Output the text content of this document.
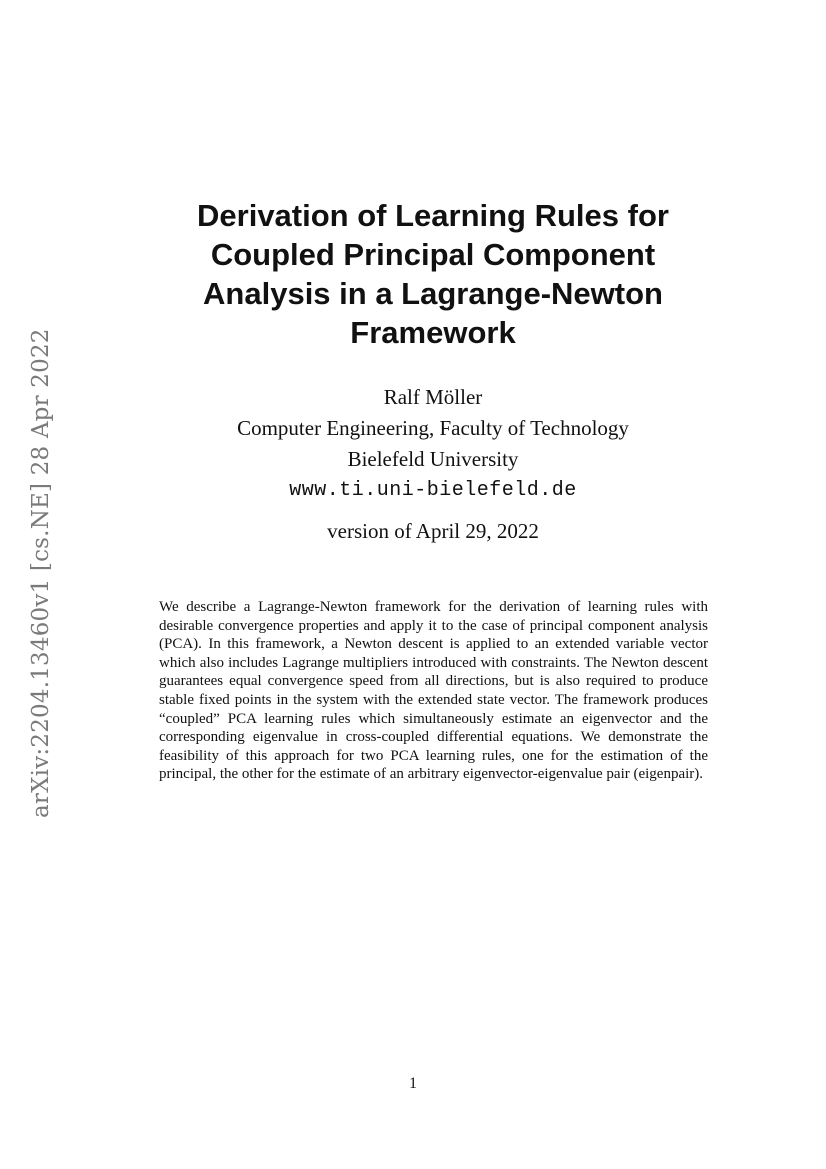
arXiv:2204.13460v1 [cs.NE] 28 Apr 2022
Derivation of Learning Rules for
Coupled Principal Component
Analysis in a Lagrange-Newton
Framework
Ralf Möller
Computer Engineering, Faculty of Technology
Bielefeld University
www.ti.uni-bielefeld.de
version of April 29, 2022

We describe a Lagrange-Newton framework for the derivation of learning rules with desirable convergence properties and apply it to the case of principal component analysis (PCA). In this framework, a Newton descent is applied to an extended variable vector which also includes Lagrange multipliers introduced with constraints. The Newton descent guarantees equal convergence speed from all directions, but is also required to produce stable fixed points in the system with the extended state vector. The framework produces “coupled” PCA learning rules which simultaneously estimate an eigenvector and the corresponding eigenvalue in cross-coupled differential equations. We demonstrate the feasibility of this approach for two PCA learning rules, one for the estimation of the principal, the other for the estimate of an arbitrary eigenvector-eigenvalue pair (eigenpair).

1
